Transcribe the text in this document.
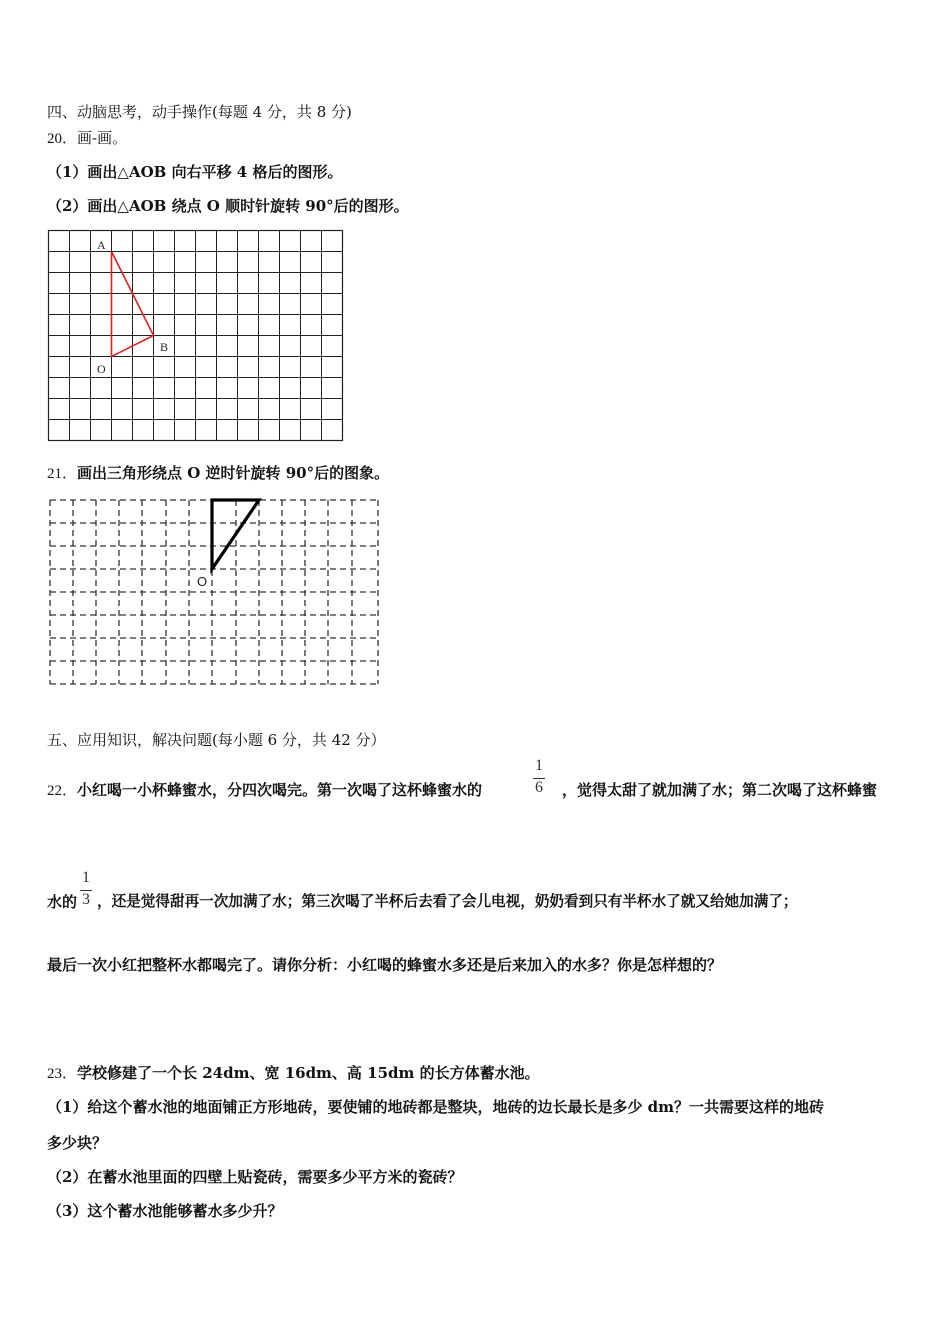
四、动脑思考，动手操作(每题 4 分，共 8 分)
20．画-画。
（1）画出△AOB 向右平移 4 格后的图形。
（2）画出△AOB 绕点 O 顺时针旋转 90°后的图形。
A
B
O
21．画出三角形绕点 O 逆时针旋转 90°后的图象。
O
五、应用知识，解决问题(每小题 6 分，共 42 分）
22．小红喝一小杯蜂蜜水，分四次喝完。第一次喝了这杯蜂蜜水的
1
6 ，觉得太甜了就加满了水；第二次喝了这杯蜂蜜
水的
1
3 ，还是觉得甜再一次加满了水；第三次喝了半杯后去看了会儿电视，奶奶看到只有半杯水了就又给她加满了；
最后一次小红把整杯水都喝完了。请你分析：小红喝的蜂蜜水多还是后来加入的水多？你是怎样想的？
23．学校修建了一个长 24dm、宽 16dm、高 15dm 的长方体蓄水池。
（1）给这个蓄水池的地面铺正方形地砖，要使铺的地砖都是整块，地砖的边长最长是多少 dm？一共需要这样的地砖
多少块？
（2）在蓄水池里面的四壁上贴瓷砖，需要多少平方米的瓷砖？
（3）这个蓄水池能够蓄水多少升？
